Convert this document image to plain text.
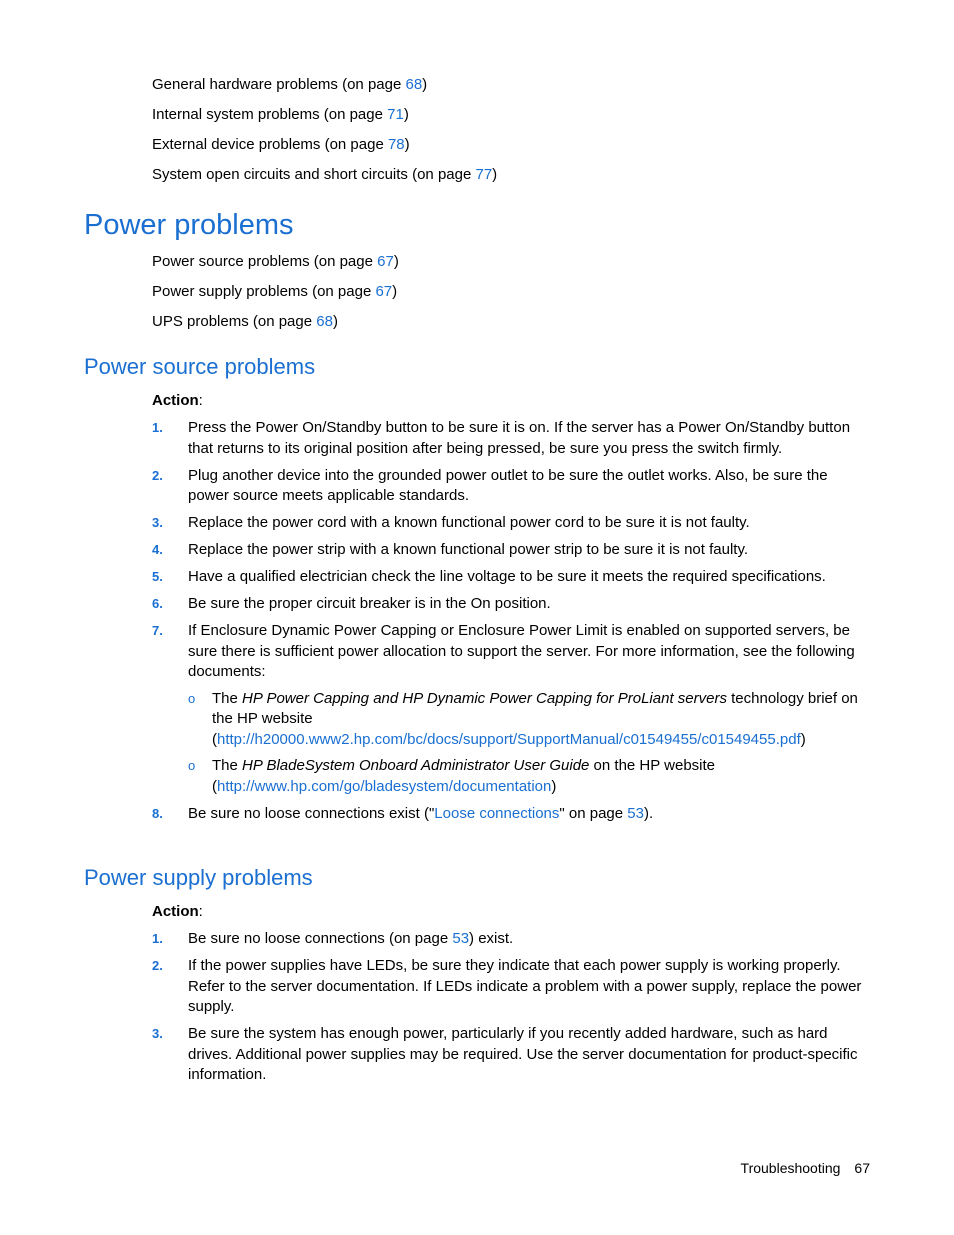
General hardware problems (on page 68)
Internal system problems (on page 71)
External device problems (on page 78)
System open circuits and short circuits (on page 77)
Power problems
Power source problems (on page 67)
Power supply problems (on page 67)
UPS problems (on page 68)
Power source problems
Action:
1. Press the Power On/Standby button to be sure it is on. If the server has a Power On/Standby button that returns to its original position after being pressed, be sure you press the switch firmly.
2. Plug another device into the grounded power outlet to be sure the outlet works. Also, be sure the power source meets applicable standards.
3. Replace the power cord with a known functional power cord to be sure it is not faulty.
4. Replace the power strip with a known functional power strip to be sure it is not faulty.
5. Have a qualified electrician check the line voltage to be sure it meets the required specifications.
6. Be sure the proper circuit breaker is in the On position.
7. If Enclosure Dynamic Power Capping or Enclosure Power Limit is enabled on supported servers, be sure there is sufficient power allocation to support the server. For more information, see the following documents:
o The HP Power Capping and HP Dynamic Power Capping for ProLiant servers technology brief on the HP website
(http://h20000.www2.hp.com/bc/docs/support/SupportManual/c01549455/c01549455.pdf)
o The HP BladeSystem Onboard Administrator User Guide on the HP website
(http://www.hp.com/go/bladesystem/documentation)
8. Be sure no loose connections exist ("Loose connections" on page 53).
Power supply problems
Action:
1. Be sure no loose connections (on page 53) exist.
2. If the power supplies have LEDs, be sure they indicate that each power supply is working properly. Refer to the server documentation. If LEDs indicate a problem with a power supply, replace the power supply.
3. Be sure the system has enough power, particularly if you recently added hardware, such as hard drives. Additional power supplies may be required. Use the server documentation for product-specific information.
Troubleshooting 67
